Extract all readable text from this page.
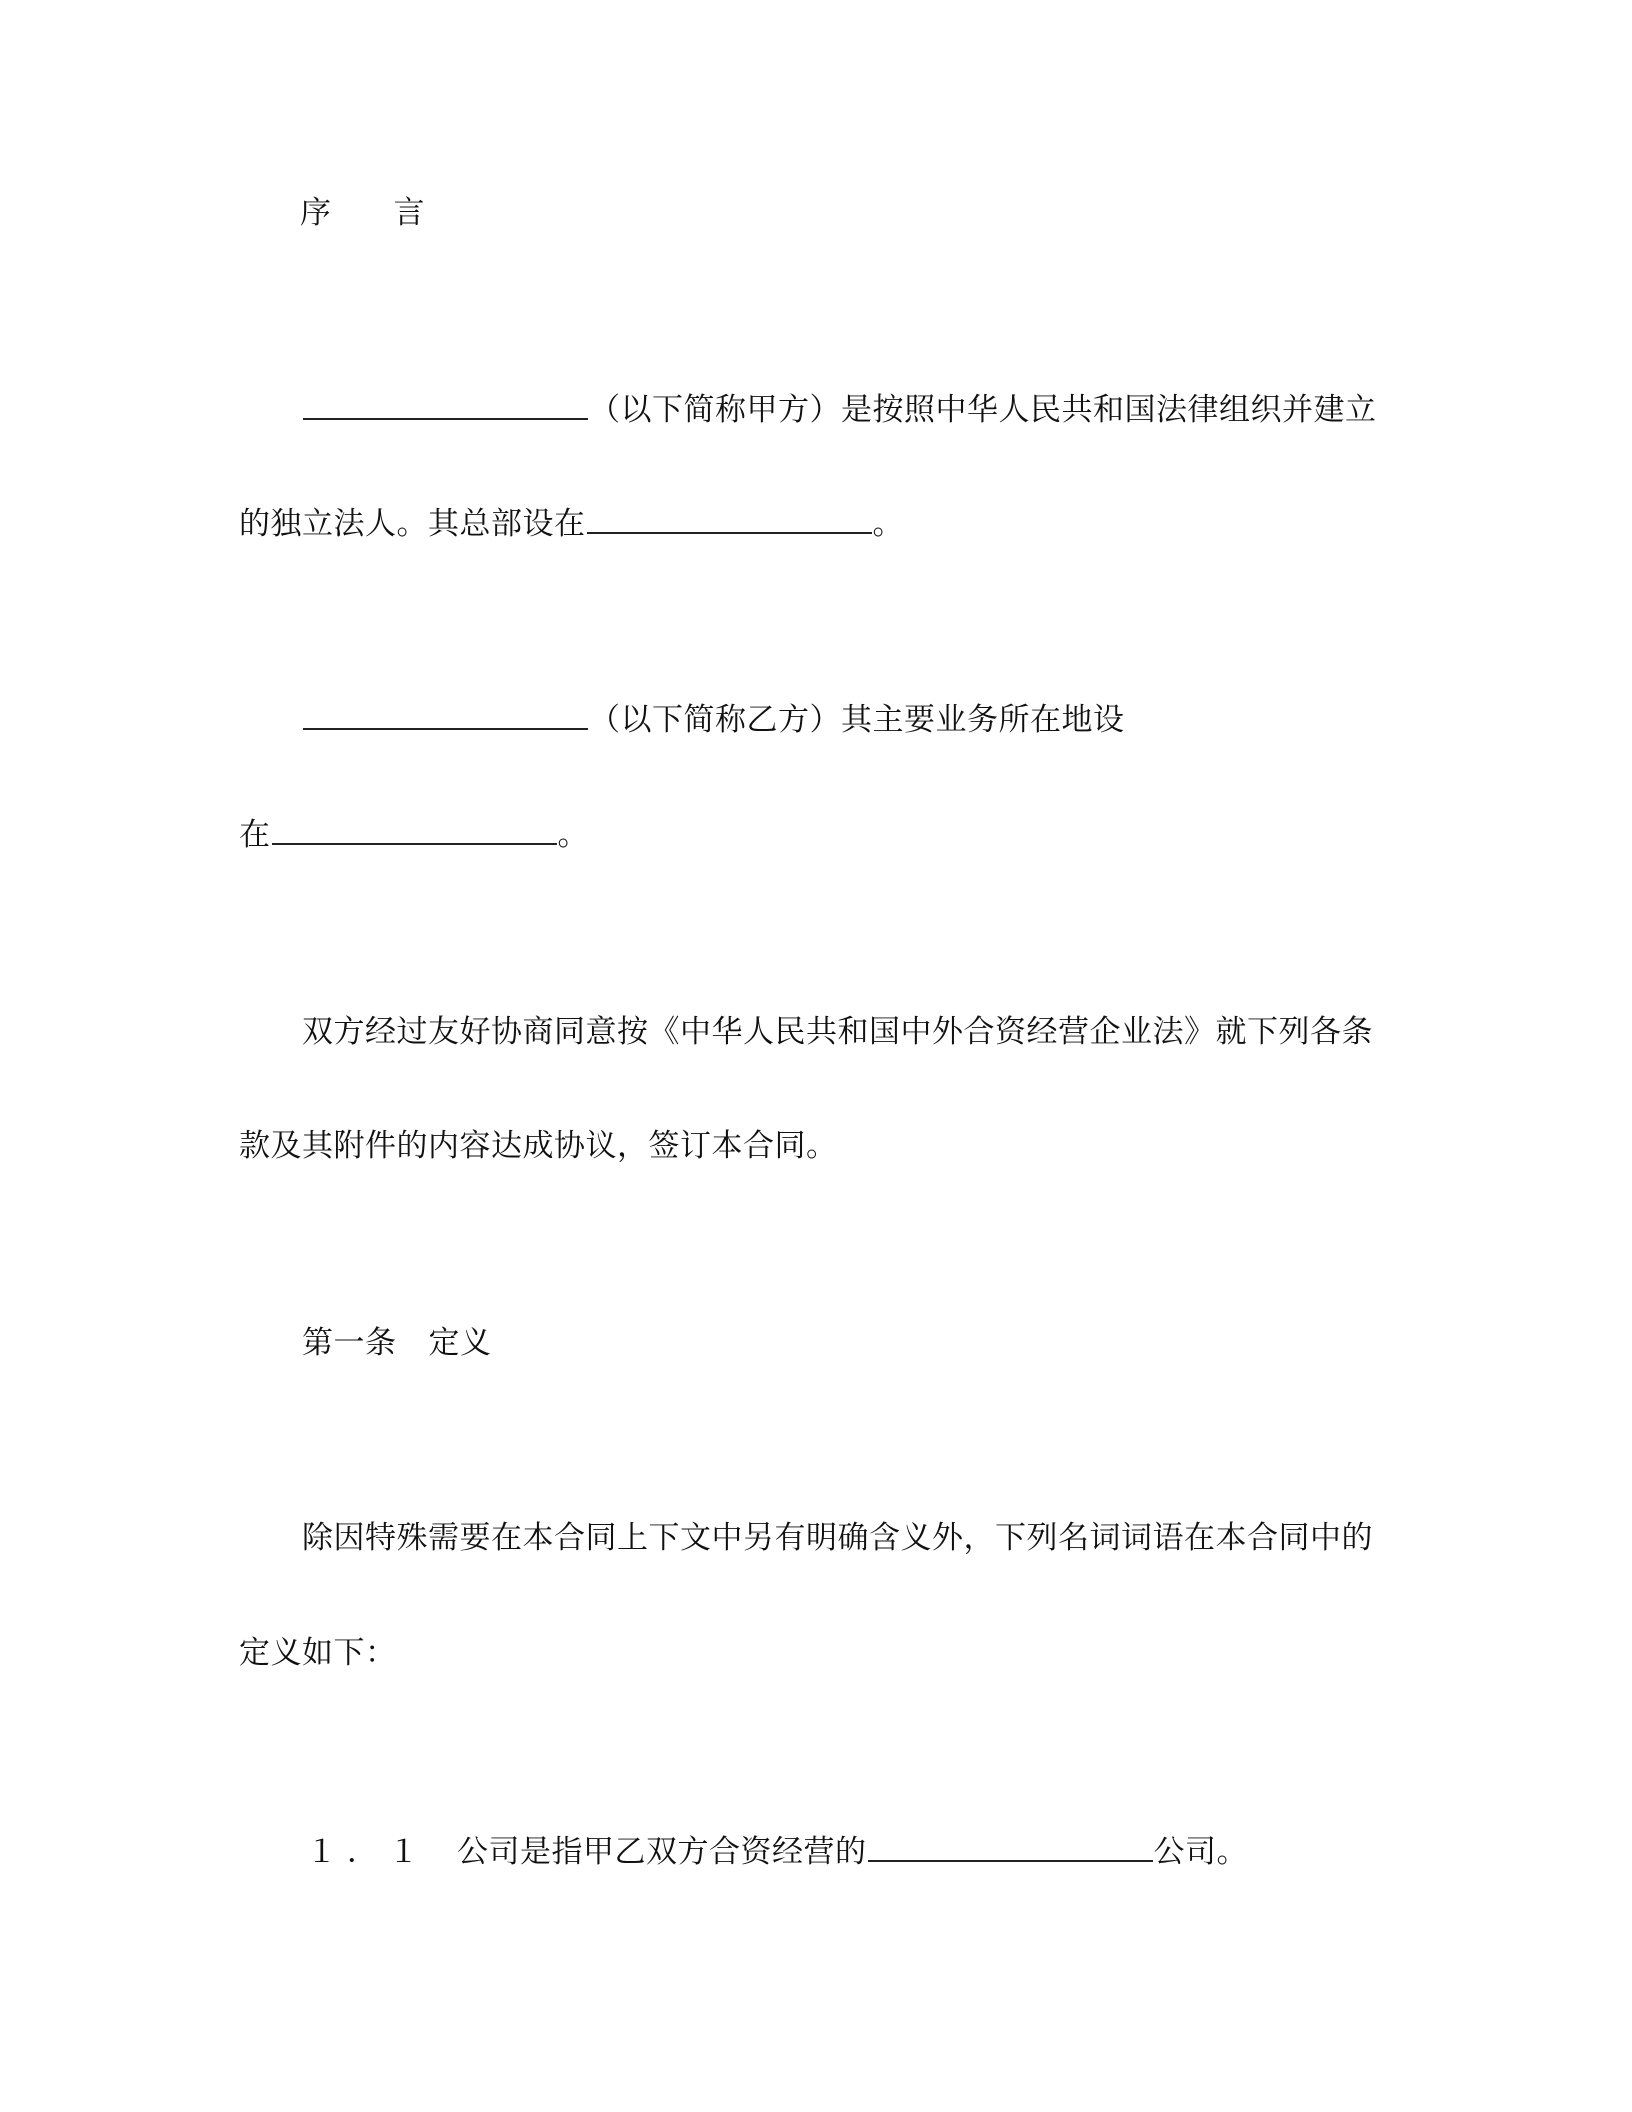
序 言
（以下简称甲方）是按照中华人民共和国法律组织并建立
的独立法人。其总部设在	。
（以下简称乙方）其主要业务所在地设
在	。
双方经过友好协商同意按《中华人民共和国中外合资经营企业法》就下列各条
款及其附件的内容达成协议，签订本合同。
第一条 定义
除因特殊需要在本合同上下文中另有明确含义外，下列名词词语在本合同中的
定义如下：
１．１ 公司是指甲乙双方合资经营的	公司。
